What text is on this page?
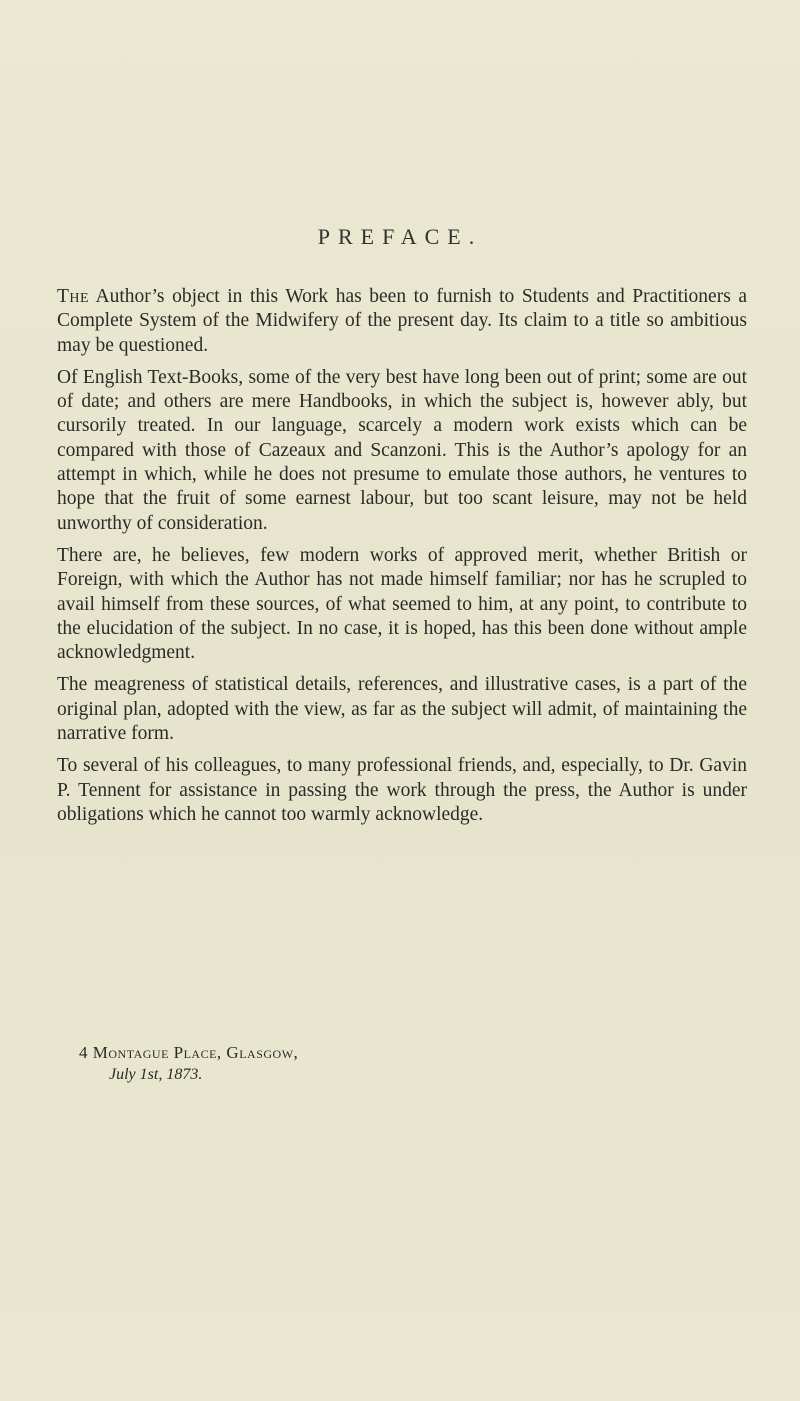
PREFACE.

The Author’s object in this Work has been to furnish to Students and Practitioners a Complete System of the Midwifery of the present day. Its claim to a title so ambitious may be questioned.

Of English Text-Books, some of the very best have long been out of print; some are out of date; and others are mere Handbooks, in which the subject is, however ably, but cursorily treated. In our language, scarcely a modern work exists which can be compared with those of Cazeaux and Scanzoni. This is the Author’s apology for an attempt in which, while he does not presume to emulate those authors, he ventures to hope that the fruit of some earnest labour, but too scant leisure, may not be held unworthy of consideration.

There are, he believes, few modern works of approved merit, whether British or Foreign, with which the Author has not made himself familiar; nor has he scrupled to avail himself from these sources, of what seemed to him, at any point, to contribute to the elucidation of the subject. In no case, it is hoped, has this been done without ample acknowledgment.

The meagreness of statistical details, references, and illustrative cases, is a part of the original plan, adopted with the view, as far as the subject will admit, of maintaining the narrative form.

To several of his colleagues, to many professional friends, and, especially, to Dr. Gavin P. Tennent for assistance in passing the work through the press, the Author is under obligations which he cannot too warmly acknowledge.

4 Montague Place, Glasgow,
July 1st, 1873.
